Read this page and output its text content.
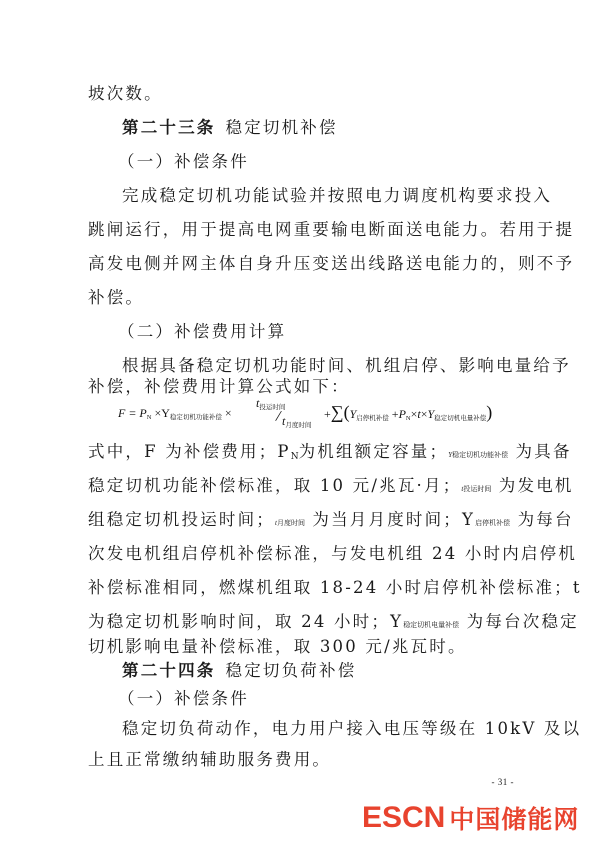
坡次数。
第二十三条 稳定切机补偿
（一）补偿条件
完成稳定切机功能试验并按照电力调度机构要求投入
跳闸运行，用于提高电网重要输电断面送电能力。若用于提
高发电侧并网主体自身升压变送出线路送电能力的，则不予
补偿。
（二）补偿费用计算
根据具备稳定切机功能时间、机组启停、影响电量给予
补偿，补偿费用计算公式如下：
$F = P_N \times Y_{稳定切机功能补偿}$ ×
$t_{投运时间}$
/ $t_{月度时间}$
$+\sum(Y_{启停机补偿} +P_N\times t\times Y_{稳定切机电量补偿})$
式中，F 为补偿费用；$P_N$为机组额定容量；Y稳定切机功能补偿 为具备
稳定切机功能补偿标准，取 10 元/兆瓦·月；t投运时间 为发电机
组稳定切机投运时间；t月度时间 为当月月度时间；Y启停机补偿 为每台
次发电机组启停机补偿标准，与发电机组 24 小时内启停机
补偿标准相同，燃煤机组取 18-24 小时启停机补偿标准；t
为稳定切机影响时间，取 24 小时；Y稳定切机电量补偿 为每台次稳定
切机影响电量补偿标准，取 300 元/兆瓦时。
第二十四条 稳定切负荷补偿
（一）补偿条件
稳定切负荷动作，电力用户接入电压等级在 10kV 及以
上且正常缴纳辅助服务费用。
- 31 -
ESCN 中国储能网
